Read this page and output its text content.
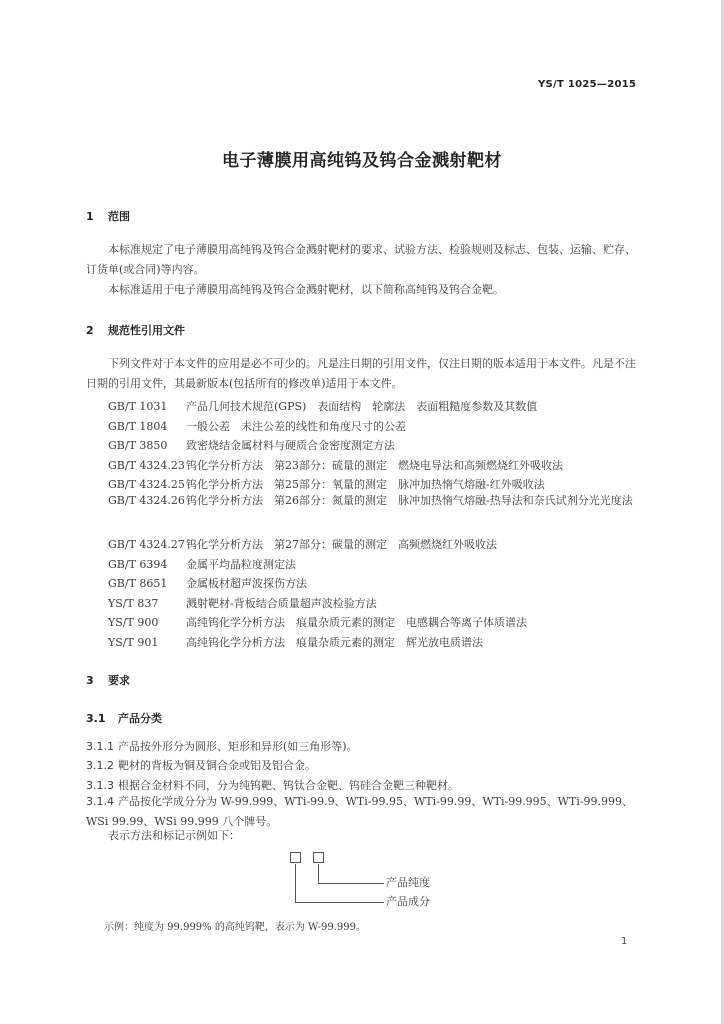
YS/T 1025—2015
电子薄膜用高纯钨及钨合金溅射靶材
1 范围
本标准规定了电子薄膜用高纯钨及钨合金溅射靶材的要求、试验方法、检验规则及标志、包装、运输、贮存、订货单(或合同)等内容。
本标准适用于电子薄膜用高纯钨及钨合金溅射靶材，以下简称高纯钨及钨合金靶。
2 规范性引用文件
下列文件对于本文件的应用是必不可少的。凡是注日期的引用文件，仅注日期的版本适用于本文件。凡是不注日期的引用文件，其最新版本(包括所有的修改单)适用于本文件。
GB/T 1031 产品几何技术规范(GPS)　表面结构　轮廓法　表面粗糙度参数及其数值
GB/T 1804 一般公差　未注公差的线性和角度尺寸的公差
GB/T 3850 致密烧结金属材料与硬质合金密度测定方法
GB/T 4324.23钨化学分析方法　第23部分：硫量的测定　燃烧电导法和高频燃烧红外吸收法
GB/T 4324.25钨化学分析方法　第25部分：氧量的测定　脉冲加热惰气熔融-红外吸收法
GB/T 4324.26钨化学分析方法　第26部分：氮量的测定　脉冲加热惰气熔融-热导法和奈氏试剂分光光度法
GB/T 4324.27钨化学分析方法　第27部分：碳量的测定　高频燃烧红外吸收法
GB/T 6394 金属平均晶粒度测定法
GB/T 8651 金属板材超声波探伤方法
YS/T 837	溅射靶材-背板结合质量超声波检验方法
YS/T 900	高纯钨化学分析方法　痕量杂质元素的测定　电感耦合等离子体质谱法
YS/T 901	高纯钨化学分析方法　痕量杂质元素的测定　辉光放电质谱法
3 要求
3.1 产品分类
3.1.1 产品按外形分为圆形、矩形和异形(如三角形等)。
3.1.2 靶材的背板为铜及铜合金或铝及铝合金。
3.1.3 根据合金材料不同，分为纯钨靶、钨钛合金靶、钨硅合金靶三种靶材。
3.1.4 产品按化学成分分为 W-99.999、WTi-99.9、WTi-99.95、WTi-99.99、WTi-99.995、WTi-99.999、WSi 99.99、WSi 99.999 八个牌号。
表示方法和标记示例如下：
产品纯度
产品成分
示例：纯度为 99.999% 的高纯钨靶，表示为 W-99.999。
1
